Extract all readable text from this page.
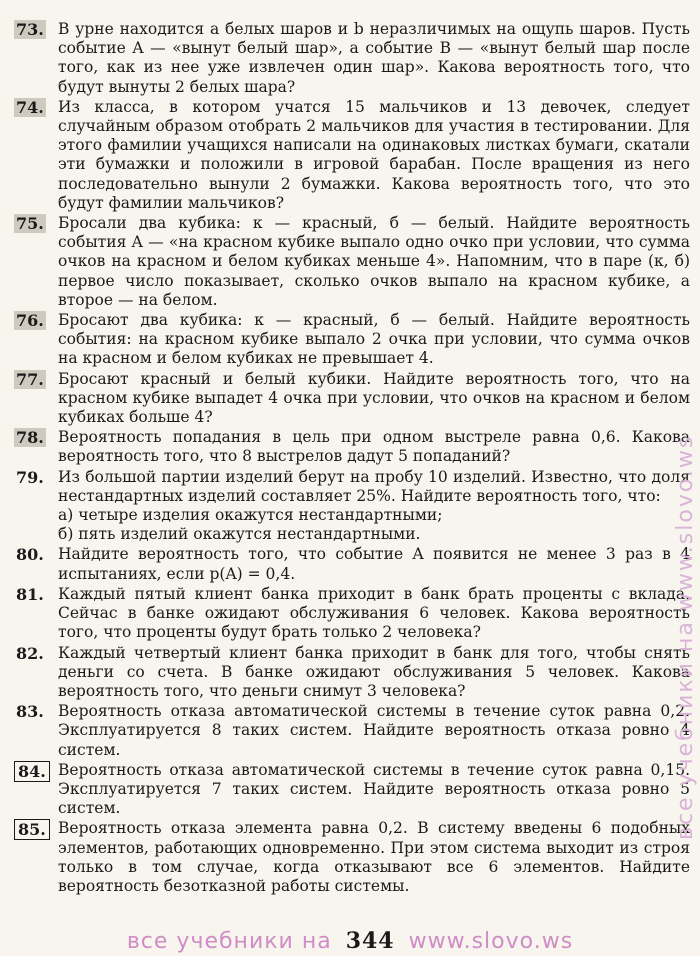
73. В урне находится a белых шаров и b неразличимых на ощупь шаров. Пусть событие A — «вынут белый шар», а событие B — «вынут белый шар после того, как из нее уже извлечен один шар». Какова вероятность того, что будут вынуты 2 белых шара?
74. Из класса, в котором учатся 15 мальчиков и 13 девочек, следует случайным образом отобрать 2 мальчиков для участия в тестировании. Для этого фамилии учащихся написали на одинаковых листках бумаги, скатали эти бумажки и положили в игровой барабан. После вращения из него последовательно вынули 2 бумажки. Какова вероятность того, что это будут фамилии мальчиков?
75. Бросали два кубика: к — красный, б — белый. Найдите вероятность события A — «на красном кубике выпало одно очко при условии, что сумма очков на красном и белом кубиках меньше 4». Напомним, что в паре (к, б) первое число показывает, сколько очков выпало на красном кубике, а второе — на белом.
76. Бросают два кубика: к — красный, б — белый. Найдите вероятность события: на красном кубике выпало 2 очка при условии, что сумма очков на красном и белом кубиках не превышает 4.
77. Бросают красный и белый кубики. Найдите вероятность того, что на красном кубике выпадет 4 очка при условии, что очков на красном и белом кубиках больше 4?
78. Вероятность попадания в цель при одном выстреле равна 0,6. Какова вероятность того, что 8 выстрелов дадут 5 попаданий?
79. Из большой партии изделий берут на пробу 10 изделий. Известно, что доля нестандартных изделий составляет 25%. Найдите вероятность того, что:
а) четыре изделия окажутся нестандартными;
б) пять изделий окажутся нестандартными.
80. Найдите вероятность того, что событие A появится не менее 3 раз в 4 испытаниях, если p(A) = 0,4.
81. Каждый пятый клиент банка приходит в банк брать проценты с вклада. Сейчас в банке ожидают обслуживания 6 человек. Какова вероятность того, что проценты будут брать только 2 человека?
82. Каждый четвертый клиент банка приходит в банк для того, чтобы снять деньги со счета. В банке ожидают обслуживания 5 человек. Какова вероятность того, что деньги снимут 3 человека?
83. Вероятность отказа автоматической системы в течение суток равна 0,2. Эксплуатируется 8 таких систем. Найдите вероятность отказа ровно 4 систем.
84. Вероятность отказа автоматической системы в течение суток равна 0,15. Эксплуатируется 7 таких систем. Найдите вероятность отказа ровно 5 систем.
85. Вероятность отказа элемента равна 0,2. В систему введены 6 подобных элементов, работающих одновременно. При этом система выходит из строя только в том случае, когда отказывают все 6 элементов. Найдите вероятность безотказной работы системы.
все учебники на www.slovo.ws
все учебники на 344 www.slovo.ws
